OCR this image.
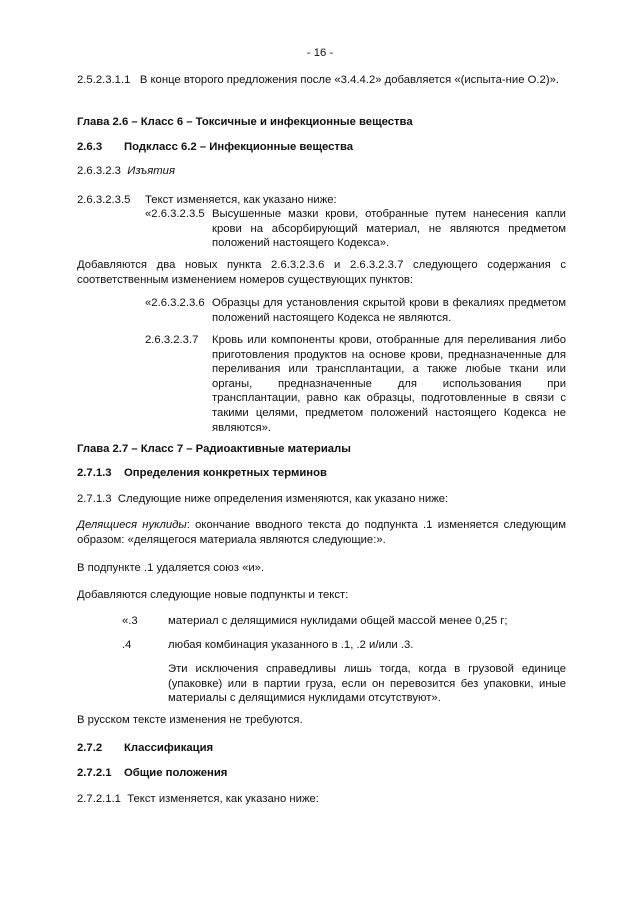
- 16 -

2.5.2.3.1.1 В конце второго предложения после «3.4.4.2» добавляется «(испыта-ние O.2)».

Глава 2.6 – Класс 6 – Токсичные и инфекционные вещества
2.6.3	Подкласс 6.2 – Инфекционные вещества
2.6.3.2.3 Изъятия
2.6.3.2.3.5	Текст изменяется, как указано ниже:
«2.6.3.2.3.5 Высушенные мазки крови, отобранные путем нанесения капли крови на абсорбирующий материал, не являются предметом положений настоящего Кодекса».

Добавляются два новых пункта 2.6.3.2.3.6 и 2.6.3.2.3.7 следующего содержания с соответственным изменением номеров существующих пунктов:

«2.6.3.2.3.6 Образцы для установления скрытой крови в фекалиях предметом положений настоящего Кодекса не являются.
2.6.3.2.3.7	Кровь или компоненты крови, отобранные для переливания либо приготовления продуктов на основе крови, предназначенные для переливания или трансплантации, а также любые ткани или органы, предназначенные для использования при трансплантации, равно как образцы, подготовленные в связи с такими целями, предметом положений настоящего Кодекса не являются».
Глава 2.7 – Класс 7 – Радиоактивные материалы
2.7.1.3	Определения конкретных терминов
2.7.1.3 Следующие ниже определения изменяются, как указано ниже:

Делящиеся нуклиды: окончание вводного текста до подпункта .1 изменяется следующим образом: «делящегося материала являются следующие:».

В подпункте .1 удаляется союз «и».
Добавляются следующие новые подпункты и текст:
«.3	материал с делящимися нуклидами общей массой менее 0,25 г;
.4	любая комбинация указанного в .1, .2 и/или .3.
Эти исключения справедливы лишь тогда, когда в грузовой единице (упаковке) или в партии груза, если он перевозится без упаковки, иные материалы с делящимися нуклидами отсутствуют».
В русском тексте изменения не требуются.
2.7.2	Классификация
2.7.2.1	Общие положения
2.7.2.1.1 Текст изменяется, как указано ниже:
